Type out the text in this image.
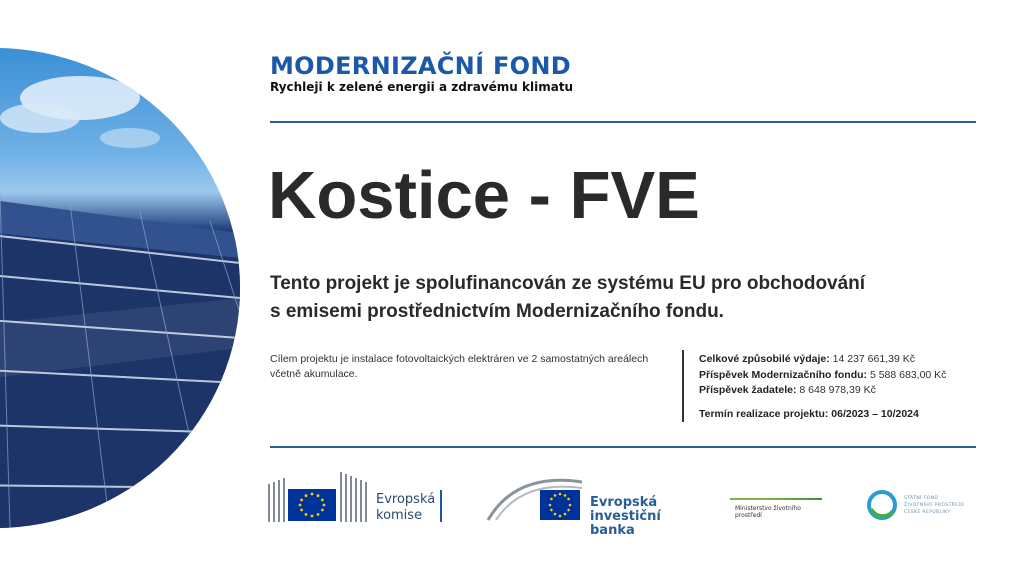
MODERNIZAČNÍ FOND
Rychleji k zelené energii a zdravému klimatu
Kostice - FVE
Tento projekt je spolufinancován ze systému EU pro obchodování
s emisemi prostřednictvím Modernizačního fondu.
Cílem projektu je instalace fotovoltaických elektráren ve 2 samostatných areálech včetně akumulace.
Celkové způsobilé výdaje: 14 237 661,39 Kč
Příspěvek Modernizačního fondu: 5 588 683,00 Kč
Příspěvek žadatele: 8 648 978,39 Kč
Termín realizace projektu: 06/2023 – 10/2024
Evropská
komise
Evropská
investiční banka
Ministerstvo životního prostředí
STÁTNÍ FOND
ŽIVOTNÍHO PROSTŘEDÍ
ČESKÉ REPUBLIKY
